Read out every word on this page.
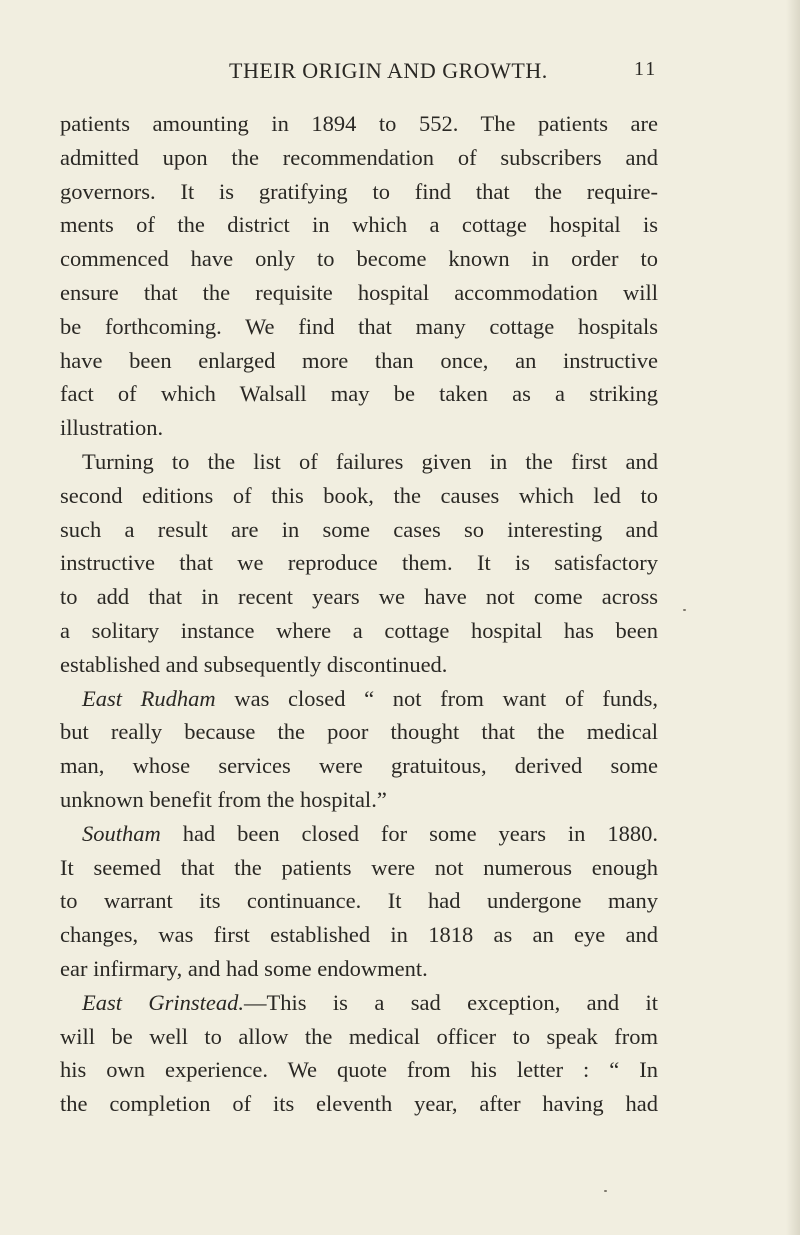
THEIR ORIGIN AND GROWTH.	11
patients amounting in 1894 to 552. The patients are
admitted upon the recommendation of subscribers and
governors. It is gratifying to find that the require-
ments of the district in which a cottage hospital is
commenced have only to become known in order to
ensure that the requisite hospital accommodation will
be forthcoming. We find that many cottage hospitals
have been enlarged more than once, an instructive
fact of which Walsall may be taken as a striking
illustration.
Turning to the list of failures given in the first and
second editions of this book, the causes which led to
such a result are in some cases so interesting and
instructive that we reproduce them. It is satisfactory
to add that in recent years we have not come across
a solitary instance where a cottage hospital has been
established and subsequently discontinued.
East Rudham was closed “ not from want of funds,
but really because the poor thought that the medical
man, whose services were gratuitous, derived some
unknown benefit from the hospital.”
Southam had been closed for some years in 1880.
It seemed that the patients were not numerous enough
to warrant its continuance. It had undergone many
changes, was first established in 1818 as an eye and
ear infirmary, and had some endowment.
East Grinstead.—This is a sad exception, and it
will be well to allow the medical officer to speak from
his own experience. We quote from his letter : “ In
the completion of its eleventh year, after having had
